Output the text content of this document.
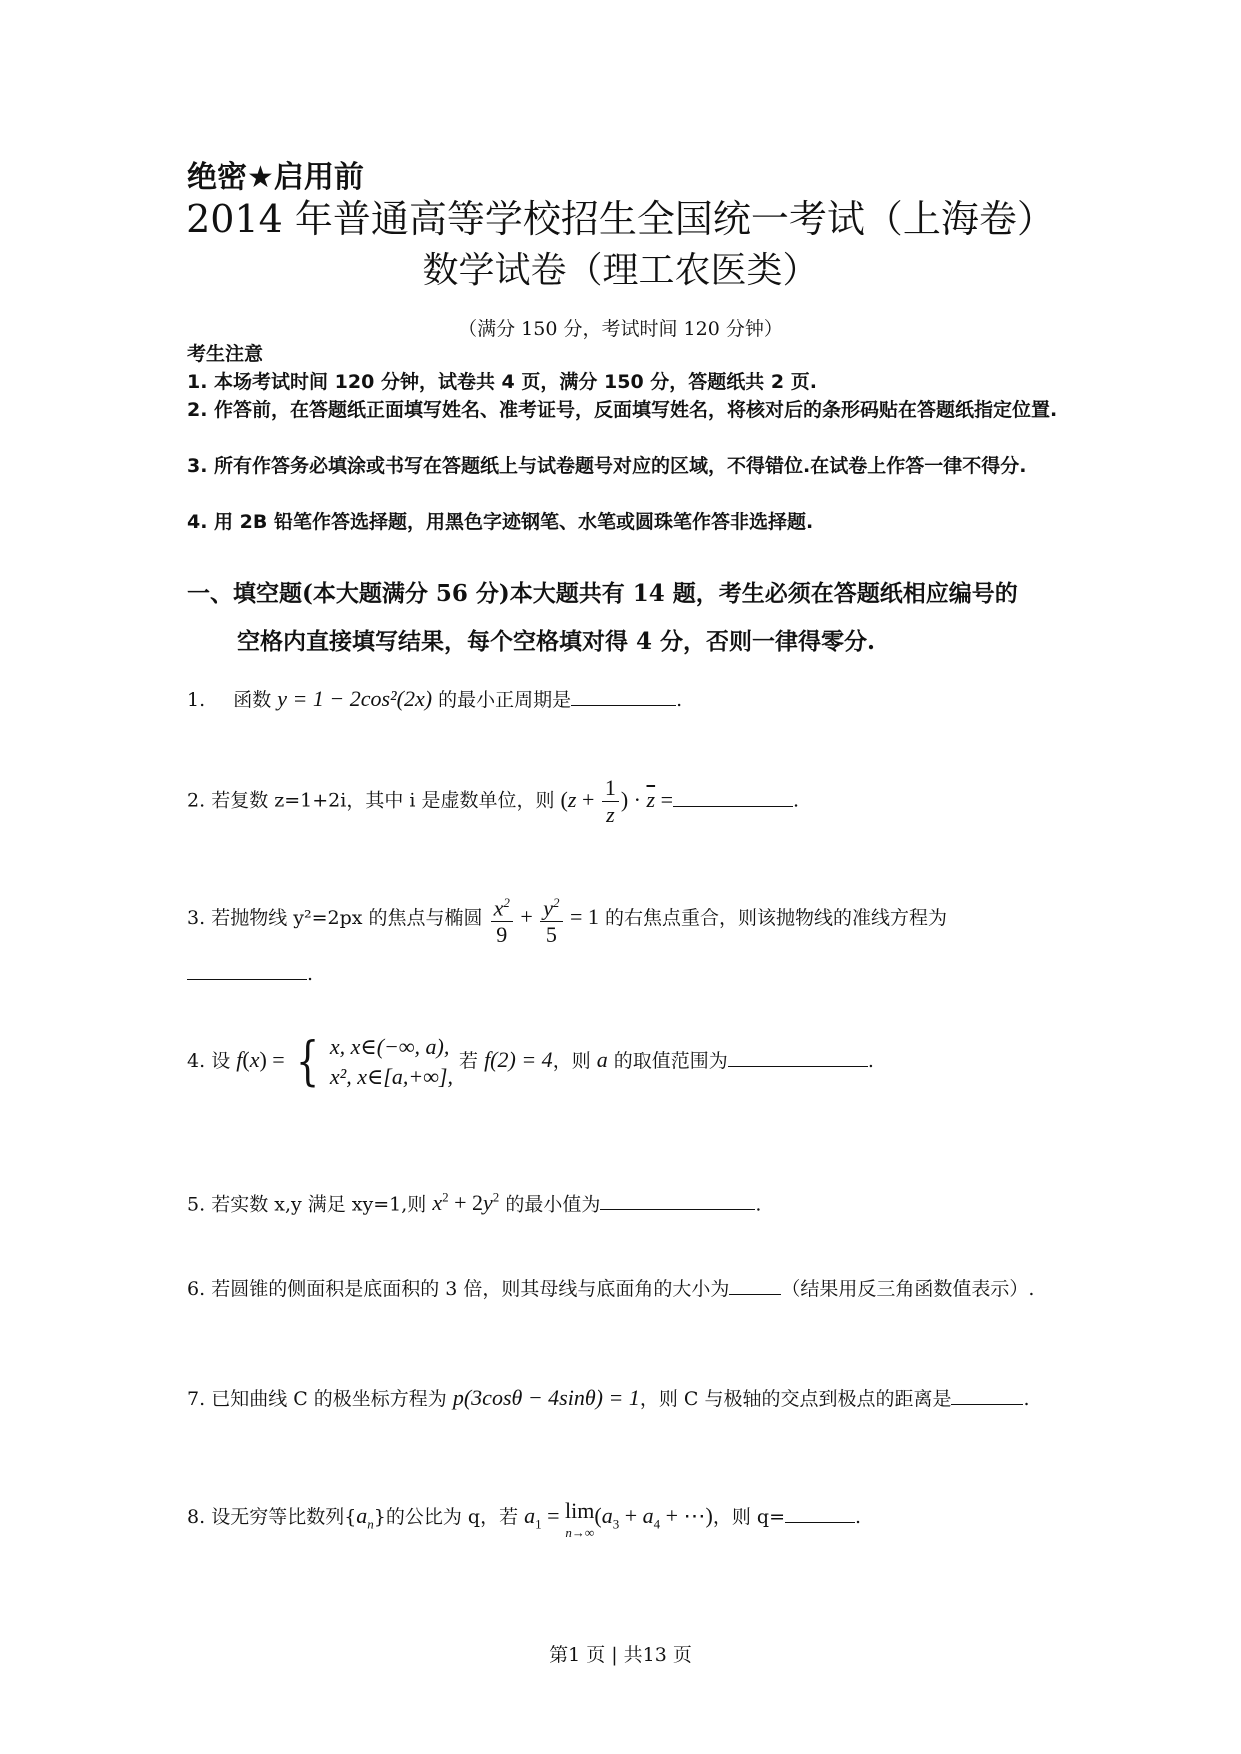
绝密★启用前
2014 年普通高等学校招生全国统一考试（上海卷）
数学试卷（理工农医类）
（满分 150 分，考试时间 120 分钟）
考生注意
1. 本场考试时间 120 分钟，试卷共 4 页，满分 150 分，答题纸共 2 页.
2. 作答前，在答题纸正面填写姓名、准考证号，反面填写姓名，将核对后的条形码贴在答题纸指定位置.
3. 所有作答务必填涂或书写在答题纸上与试卷题号对应的区域，不得错位.在试卷上作答一律不得分.
4. 用 2B 铅笔作答选择题，用黑色字迹钢笔、水笔或圆珠笔作答非选择题.
一、填空题(本大题满分 56 分)本大题共有 14 题，考生必须在答题纸相应编号的
空格内直接填写结果，每个空格填对得 4 分，否则一律得零分.
1. 函数 y = 1 − 2cos²(2x) 的最小正周期是	.
2. 若复数 z=1+2i，其中 i 是虚数单位，则 ($z + \frac{1}{z}$ ) · $\overline{z}$ =	.
3. 若抛物线 y²=2px 的焦点与椭圆 $\frac{x^2}{9} + \frac{y^2}{5} = 1$ 的右焦点重合，则该抛物线的准线方程为
.
4. 设 f(x) = { x, x∈(−∞, a),
x², x∈[a,+∞],
若 f(2) = 4，则 a 的取值范围为	.
5. 若实数 x,y 满足 xy=1,则 $x^2 + 2y^2$ 的最小值为	.
6. 若圆锥的侧面积是底面积的 3 倍，则其母线与底面角的大小为	（结果用反三角函数值表示）.
7. 已知曲线 C 的极坐标方程为 p(3cosθ − 4sinθ) = 1，则 C 与极轴的交点到极点的距离是	.
8. 设无穷等比数列$\{a_n\}$的公比为 q，若 $a_1 = \lim$
n→∞
($a_3 + a_4$ + ⋯)，则 q=	.
第1 页 | 共13 页
